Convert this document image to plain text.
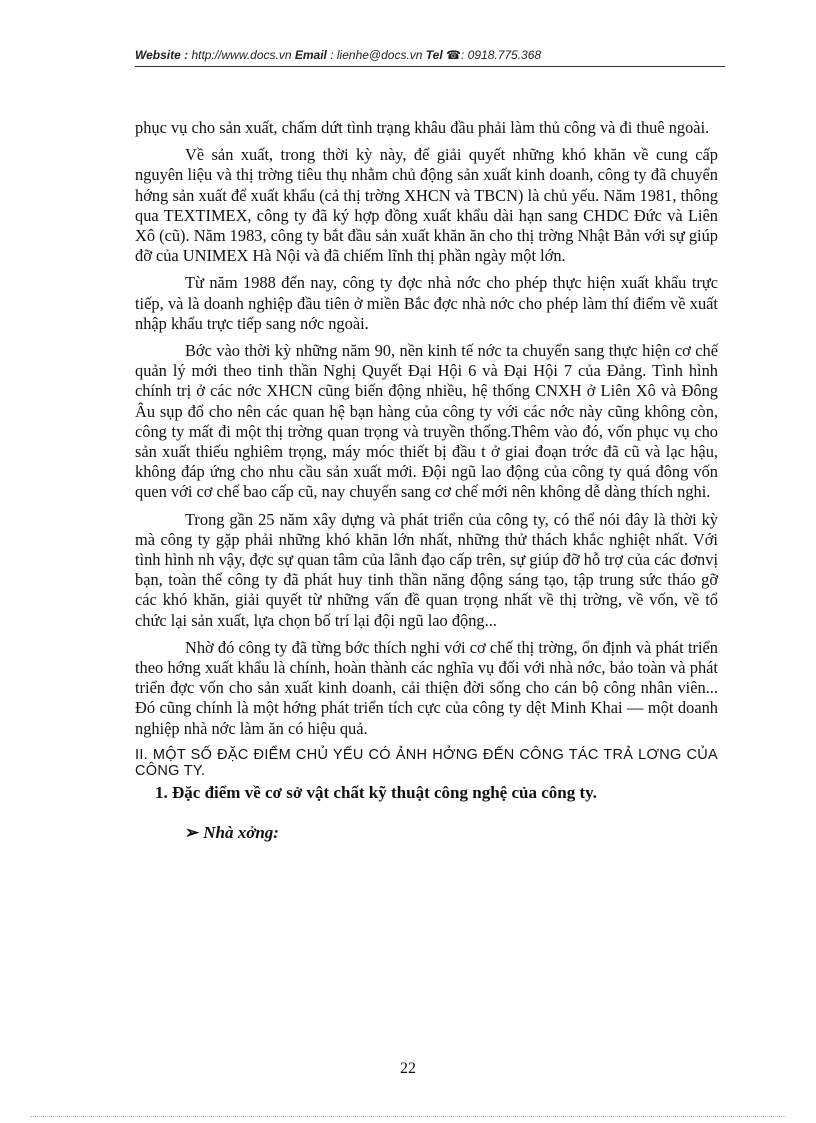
Website : http://www.docs.vn Email : lienhe@docs.vn Tel ☎: 0918.775.368

phục vụ cho sản xuất, chấm dứt tình trạng khâu đầu phải làm thủ công và đi thuê ngoài.

Về sản xuất, trong thời kỳ này, để giải quyết những khó khăn về cung cấp nguyên liệu và thị trờng tiêu thụ nhằm chủ động sản xuất kinh doanh, công ty đã chuyển hớng sản xuất để xuất khẩu (cả thị trờng XHCN và TBCN) là chủ yếu. Năm 1981, thông qua TEXTIMEX, công ty đã ký hợp đồng xuất khẩu dài hạn sang CHDC Đức và Liên Xô (cũ). Năm 1983, công ty bắt đầu sản xuất khăn ăn cho thị trờng Nhật Bản với sự giúp đỡ của UNIMEX Hà Nội và đã chiếm lĩnh thị phần ngày một lớn.

Từ năm 1988 đến nay, công ty đợc nhà nớc cho phép thực hiện xuất khẩu trực tiếp, và là doanh nghiệp đầu tiên ở miền Bắc đợc nhà nớc cho phép làm thí điểm về xuất nhập khẩu trực tiếp sang nớc ngoài.

Bớc vào thời kỳ những năm 90, nền kinh tế nớc ta chuyển sang thực hiện cơ chế quản lý mới theo tinh thần Nghị Quyết Đại Hội 6 và Đại Hội 7 của Đảng. Tình hình chính trị ở các nớc XHCN cũng biến động nhiều, hệ thống CNXH ở Liên Xô và Đông Âu sụp đổ cho nên các quan hệ bạn hàng của công ty với các nớc này cũng không còn, công ty mất đi một thị trờng quan trọng và truyền thống.Thêm vào đó, vốn phục vụ cho sản xuất thiếu nghiêm trọng, máy móc thiết bị đầu t ở giai đoạn trớc đã cũ và lạc hậu, không đáp ứng cho nhu cầu sản xuất mới. Đội ngũ lao động của công ty quá đông vốn quen với cơ chế bao cấp cũ, nay chuyển sang cơ chế mới nên không dễ dàng thích nghi.

Trong gần 25 năm xây dựng và phát triển của công ty, có thể nói đây là thời kỳ mà công ty gặp phải những khó khăn lớn nhất, những thử thách khắc nghiệt nhất. Với tình hình nh vậy, đợc sự quan tâm của lãnh đạo cấp trên, sự giúp đỡ hỗ trợ của các đơnvị bạn, toàn thể công ty đã phát huy tinh thần năng động sáng tạo, tập trung sức tháo gỡ các khó khăn, giải quyết từ những vấn đề quan trọng nhất về thị trờng, về vốn, về tổ chức lại sản xuất, lựa chọn bố trí lại đội ngũ lao động...

Nhờ đó công ty đã từng bớc thích nghi với cơ chế thị trờng, ổn định và phát triển theo hớng xuất khẩu là chính, hoàn thành các nghĩa vụ đối với nhà nớc, bảo toàn và phát triển đợc vốn cho sản xuất kinh doanh, cải thiện đời sống cho cán bộ công nhân viên... Đó cũng chính là một hớng phát triển tích cực của công ty dệt Minh Khai — một doanh nghiệp nhà nớc làm ăn có hiệu quả.

II. MỘT SỐ ĐẶC ĐIỂM CHỦ YẾU CÓ ẢNH HỞNG ĐẾN CÔNG TÁC TRẢ LƠNG CỦA CÔNG TY.
1. Đặc điểm về cơ sở vật chất kỹ thuật công nghệ của công ty.
➢ Nhà xởng:
22
